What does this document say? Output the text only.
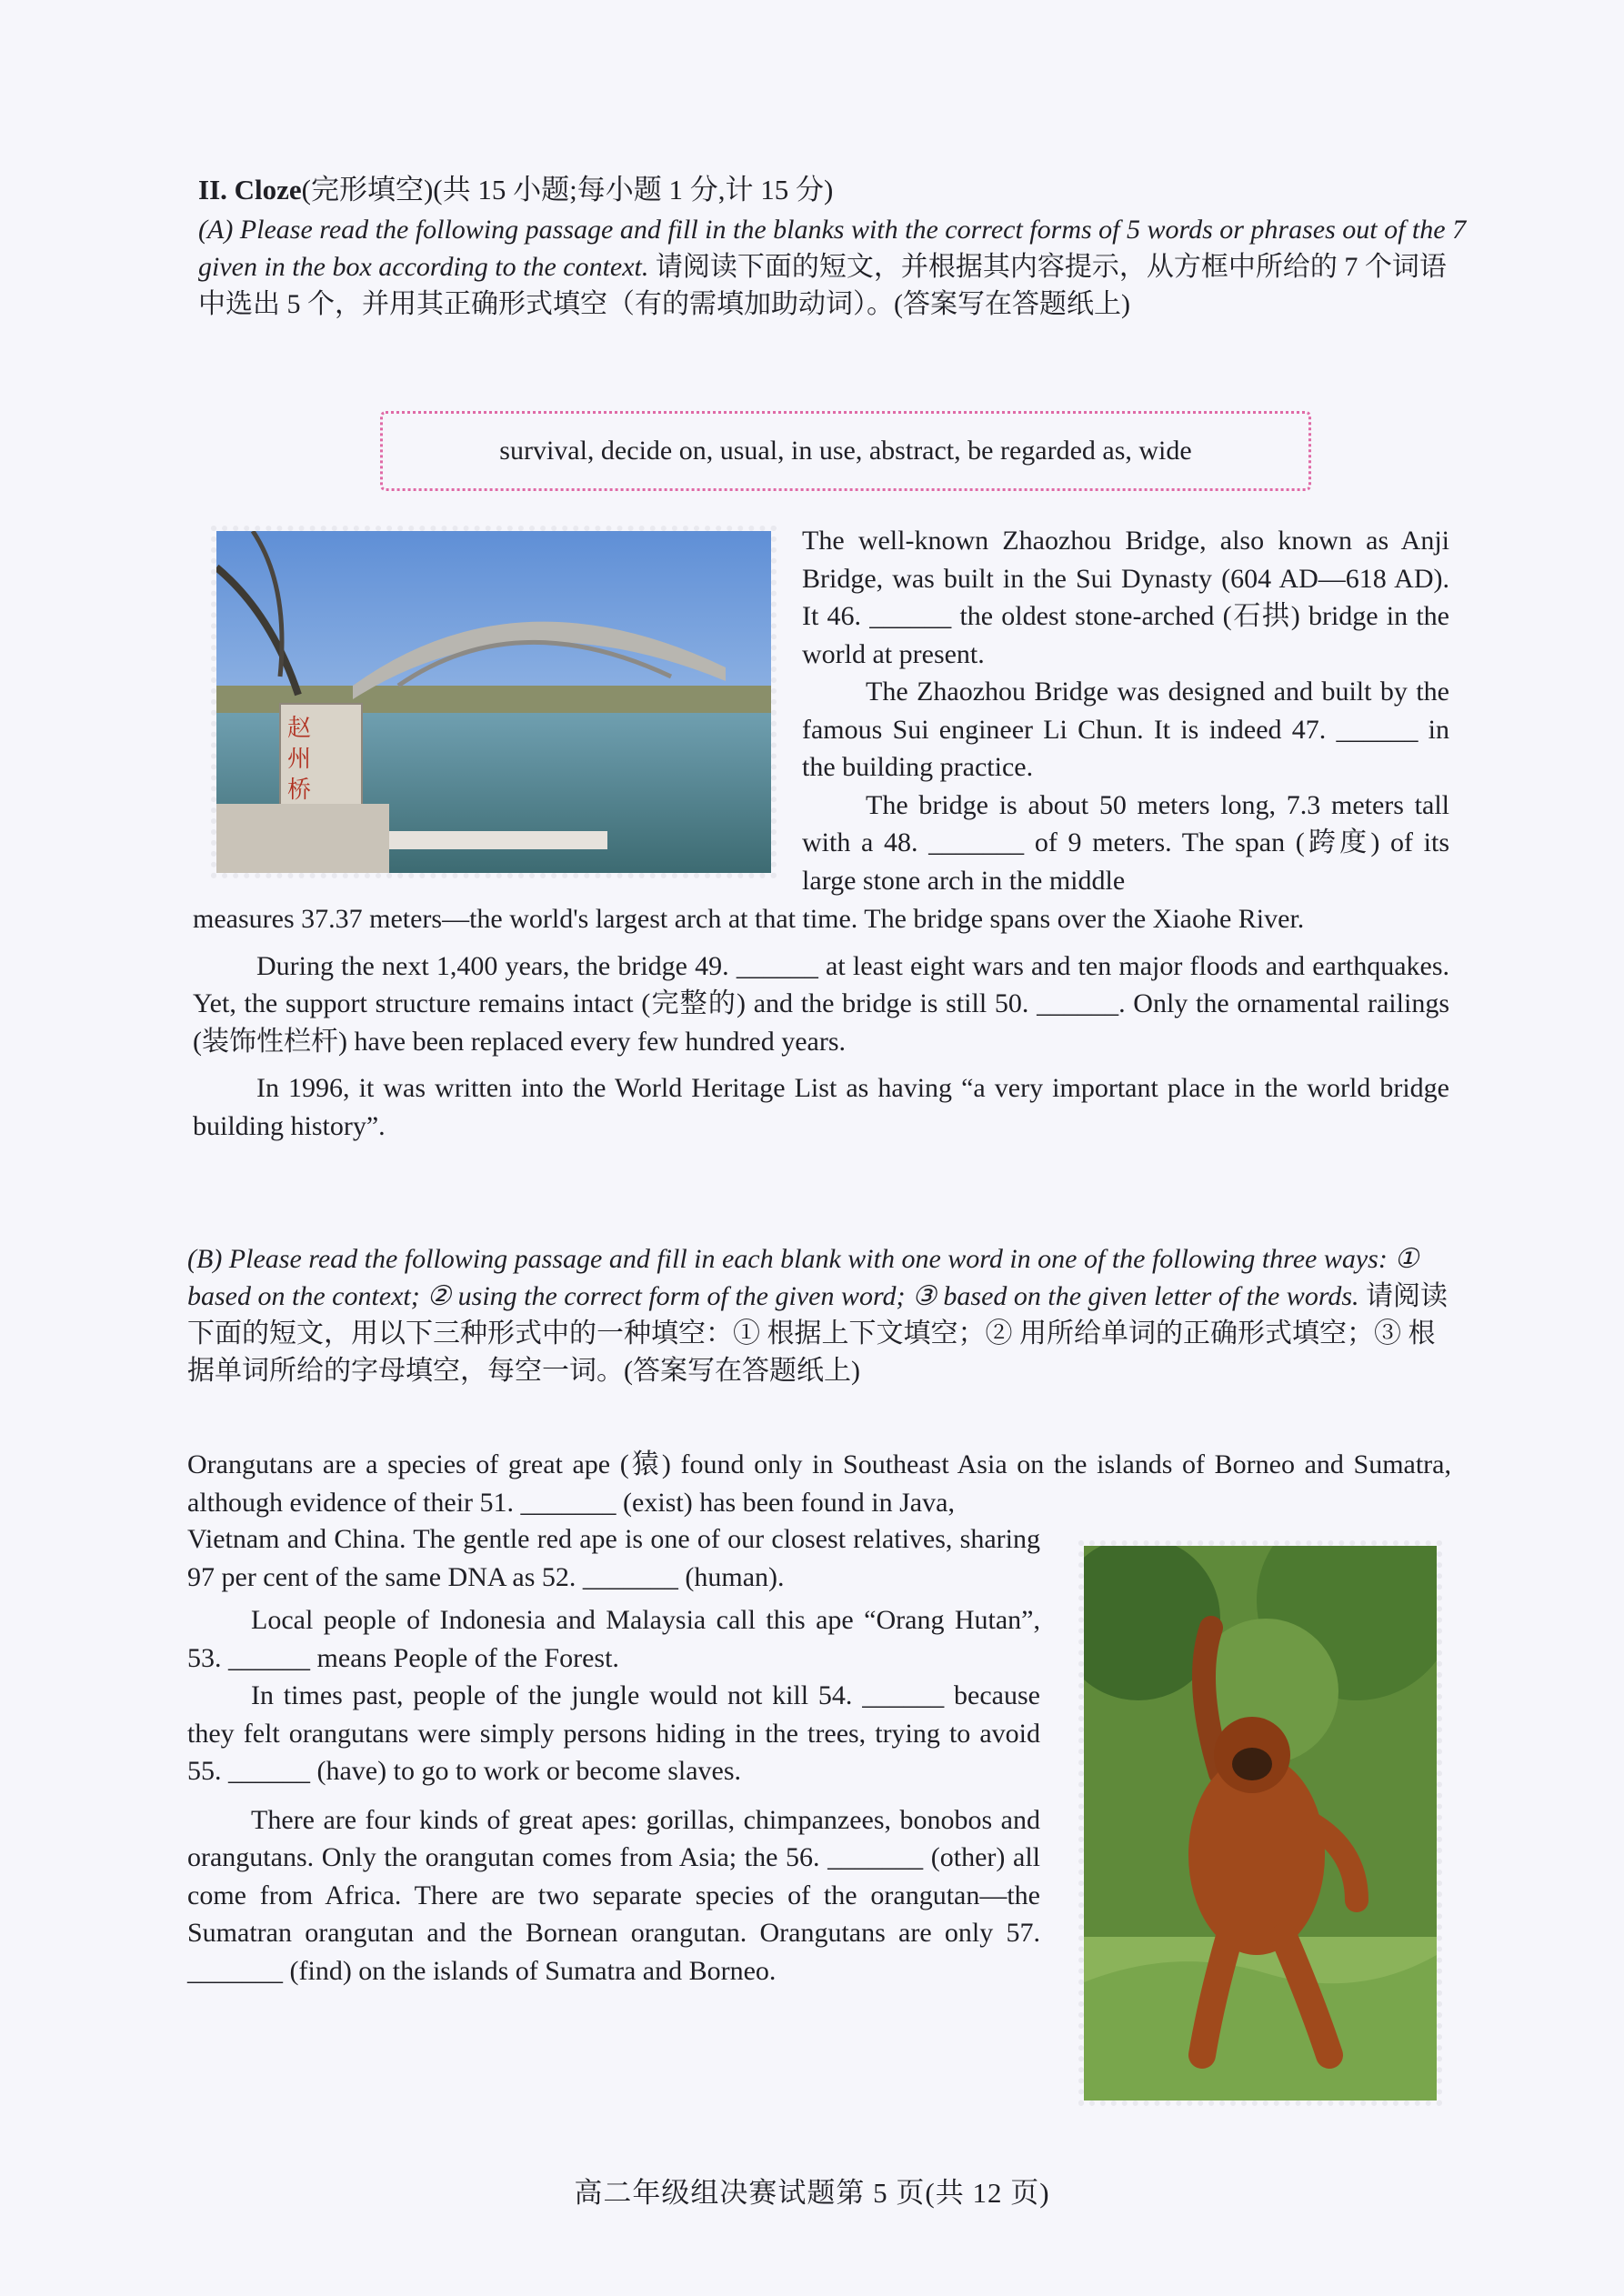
II. Cloze(完形填空)(共 15 小题;每小题 1 分,计 15 分)
(A) Please read the following passage and fill in the blanks with the correct forms of 5 words or phrases out of the 7 given in the box according to the context. 请阅读下面的短文，并根据其内容提示，从方框中所给的 7 个词语中选出 5 个，并用其正确形式填空（有的需填加助动词）。(答案写在答题纸上)
survival, decide on, usual, in use, abstract, be regarded as, wide
赵州桥

The well-known Zhaozhou Bridge, also known as Anji Bridge, was built in the Sui Dynasty (604 AD—618 AD). It 46. ______ the oldest stone-arched (石拱) bridge in the world at present.

The Zhaozhou Bridge was designed and built by the famous Sui engineer Li Chun. It is indeed 47. ______ in the building practice.

The bridge is about 50 meters long, 7.3 meters tall with a 48. _______ of 9 meters. The span (跨度) of its large stone arch in the middle

measures 37.37 meters—the world's largest arch at that time. The bridge spans over the Xiaohe River.

During the next 1,400 years, the bridge 49. ______ at least eight wars and ten major floods and earthquakes. Yet, the support structure remains intact (完整的) and the bridge is still 50. ______. Only the ornamental railings (装饰性栏杆) have been replaced every few hundred years.

In 1996, it was written into the World Heritage List as having “a very important place in the world bridge building history”.

(B) Please read the following passage and fill in each blank with one word in one of the following three ways: ① based on the context; ② using the correct form of the given word; ③ based on the given letter of the words. 请阅读下面的短文，用以下三种形式中的一种填空：① 根据上下文填空；② 用所给单词的正确形式填空；③ 根据单词所给的字母填空，每空一词。(答案写在答题纸上)

Orangutans are a species of great ape (猿) found only in Southeast Asia on the islands of Borneo and Sumatra, although evidence of their 51. _______ (exist) has been found in Java,

Vietnam and China. The gentle red ape is one of our closest relatives, sharing 97 per cent of the same DNA as 52. _______ (human).

Local people of Indonesia and Malaysia call this ape “Orang Hutan”, 53. ______ means People of the Forest.

In times past, people of the jungle would not kill 54. ______ because they felt orangutans were simply persons hiding in the trees, trying to avoid 55. ______ (have) to go to work or become slaves.

There are four kinds of great apes: gorillas, chimpanzees, bonobos and orangutans. Only the orangutan comes from Asia; the 56. _______ (other) all come from Africa. There are two separate species of the orangutan—the Sumatran orangutan and the Bornean orangutan. Orangutans are only 57. _______ (find) on the islands of Sumatra and Borneo.

高二年级组决赛试题第 5 页(共 12 页)
